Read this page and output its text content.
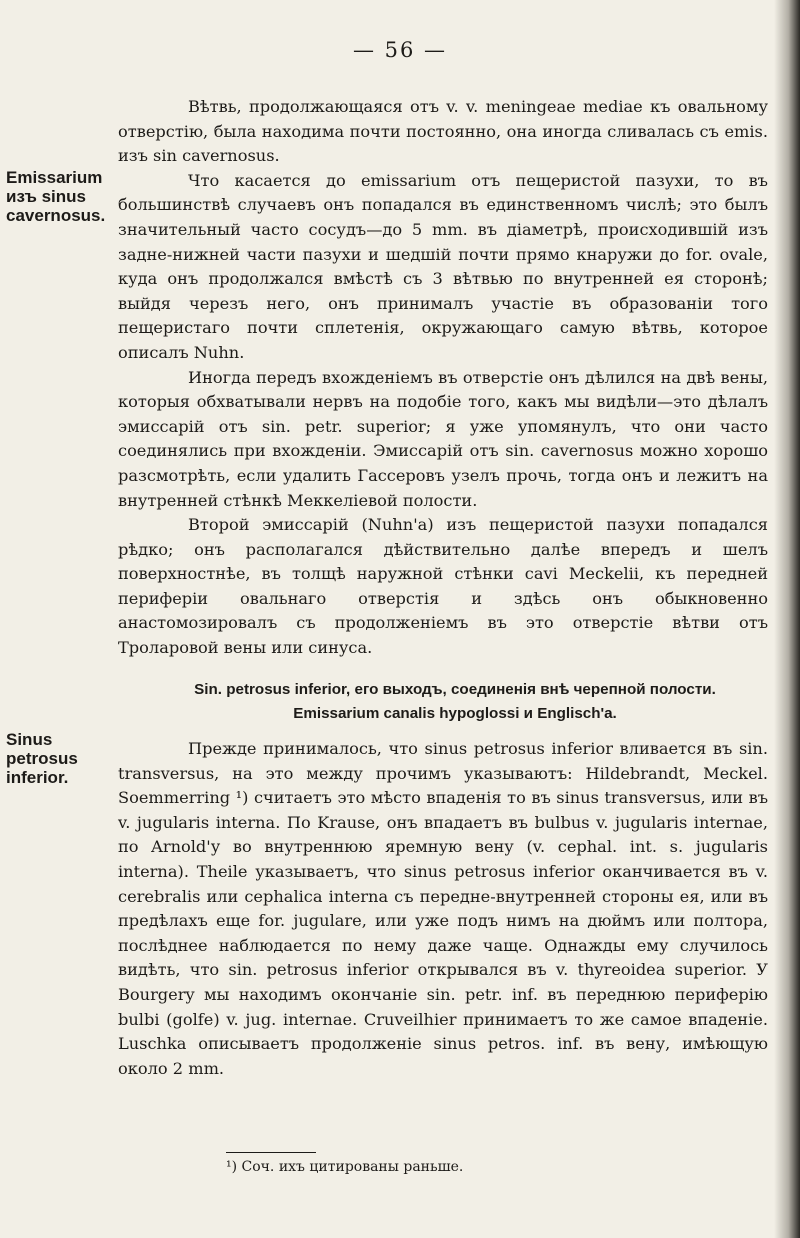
— 56 —
Emissarium изъ sinus cavernosus.
Sinus petrosus inferior.

Вѣтвь, продолжающаяся отъ v. v. meningeae mediae къ овальному отверстію, была находима почти постоянно, она иногда сливалась съ emis. изъ sin cavernosus.

Что касается до emissarium отъ пещеристой пазухи, то въ большинствѣ случаевъ онъ попадался въ единственномъ числѣ; это былъ значительный часто сосудъ—до 5 mm. въ діаметрѣ, происходившій изъ задне-нижней части пазухи и шедшій почти прямо кнаружи до for. ovale, куда онъ продолжался вмѣстѣ съ 3 вѣтвью по внутренней ея сторонѣ; выйдя черезъ него, онъ принималъ участіе въ образованіи того пещеристаго почти сплетенія, окружающаго самую вѣтвь, которое описалъ Nuhn.

Иногда передъ вхожденіемъ въ отверстіе онъ дѣлился на двѣ вены, которыя обхватывали нервъ на подобіе того, какъ мы видѣли—это дѣлалъ эмиссарій отъ sin. petr. superior; я уже упомянулъ, что они часто соединялись при вхожденіи. Эмиссарій отъ sin. cavernosus можно хорошо разсмотрѣть, если удалить Гассеровъ узелъ прочь, тогда онъ и лежитъ на внутренней стѣнкѣ Меккеліевой полости.

Второй эмиссарій (Nuhn'a) изъ пещеристой пазухи попадался рѣдко; онъ располагался дѣйствительно далѣе впередъ и шелъ поверхностнѣе, въ толщѣ наружной стѣнки cavi Meckelii, къ передней периферіи овальнаго отверстія и здѣсь онъ обыкновенно анастомозировалъ съ продолженіемъ въ это отверстіе вѣтви отъ Тролаpовой вены или синуса.

Sin. petrosus inferior, его выходъ, соединенія внѣ черепной полости. Emissarium canalis hypoglossi и Englisch'a.

Прежде принималось, что sinus petrosus inferior вливается въ sin. transversus, на это между прочимъ указываютъ: Hildebrandt, Meckel. Soemmerring ¹) считаетъ это мѣсто впаденія то въ sinus transversus, или въ v. jugularis interna. По Krause, онъ впадаетъ въ bulbus v. jugularis internae, по Arnold'у во внутреннюю яремную вену (v. cephal. int. s. jugularis interna). Theile указываетъ, что sinus petrosus inferior оканчивается въ v. cerebralis или cephalica interna съ передне-внутренней стороны ея, или въ предѣлахъ еще for. jugulare, или уже подъ нимъ на дюймъ или полтора, послѣднее наблюдается по нему даже чаще. Однажды ему случилось видѣть, что sin. petrosus inferior открывался въ v. thyreoidea superior. У Bourgery мы находимъ окончаніе sin. petr. inf. въ переднюю периферію bulbi (golfe) v. jug. internae. Cruveilhier принимаетъ то же самое впаденіе. Luschka описываетъ продолженіе sinus petros. inf. въ вену, имѣющую около 2 mm.

¹) Соч. ихъ цитированы раньше.
